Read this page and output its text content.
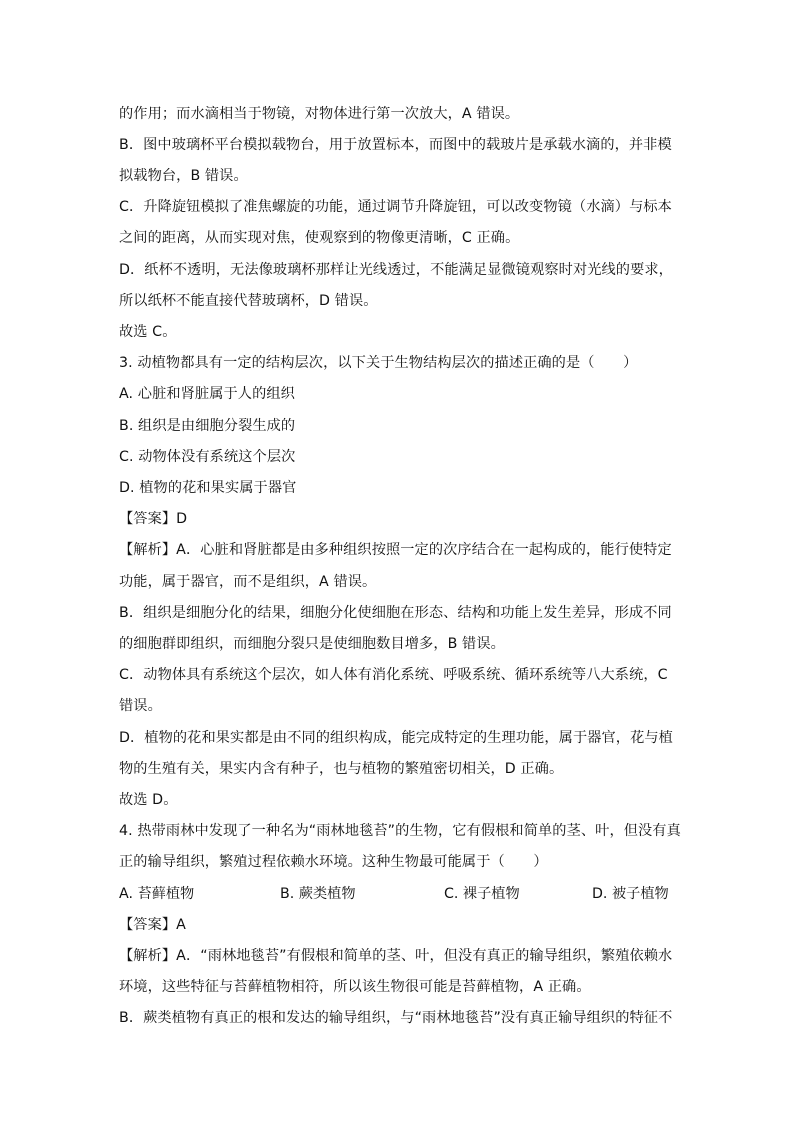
的作用；而水滴相当于物镜，对物体进行第一次放大，A 错误。
B．图中玻璃杯平台模拟载物台，用于放置标本，而图中的载玻片是承载水滴的，并非模
拟载物台，B 错误。
C．升降旋钮模拟了准焦螺旋的功能，通过调节升降旋钮，可以改变物镜（水滴）与标本
之间的距离，从而实现对焦，使观察到的物像更清晰，C 正确。
D．纸杯不透明，无法像玻璃杯那样让光线透过，不能满足显微镜观察时对光线的要求，
所以纸杯不能直接代替玻璃杯，D 错误。
故选 C。
3. 动植物都具有一定的结构层次，以下关于生物结构层次的描述正确的是（　　）
A. 心脏和肾脏属于人的组织
B. 组织是由细胞分裂生成的
C. 动物体没有系统这个层次
D. 植物的花和果实属于器官
【答案】D
【解析】A．心脏和肾脏都是由多种组织按照一定的次序结合在一起构成的，能行使特定
功能，属于器官，而不是组织，A 错误。
B．组织是细胞分化的结果，细胞分化使细胞在形态、结构和功能上发生差异，形成不同
的细胞群即组织，而细胞分裂只是使细胞数目增多，B 错误。
C．动物体具有系统这个层次，如人体有消化系统、呼吸系统、循环系统等八大系统，C
错误。
D．植物的花和果实都是由不同的组织构成，能完成特定的生理功能，属于器官，花与植
物的生殖有关，果实内含有种子，也与植物的繁殖密切相关，D 正确。
故选 D。
4. 热带雨林中发现了一种名为“雨林地毯苔”的生物，它有假根和简单的茎、叶，但没有真
正的输导组织，繁殖过程依赖水环境。这种生物最可能属于（　　）
A. 苔藓植物	B. 蕨类植物	C. 裸子植物	D. 被子植物
【答案】A
【解析】A．“雨林地毯苔”有假根和简单的茎、叶，但没有真正的输导组织，繁殖依赖水
环境，这些特征与苔藓植物相符，所以该生物很可能是苔藓植物，A 正确。
B．蕨类植物有真正的根和发达的输导组织，与“雨林地毯苔”没有真正输导组织的特征不
